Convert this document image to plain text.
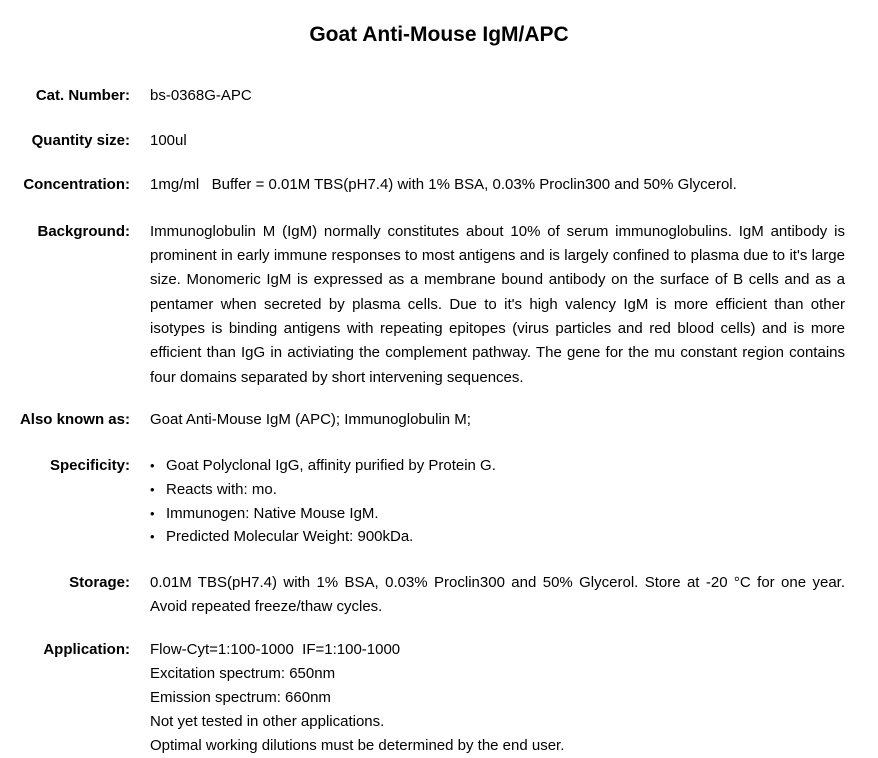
Goat Anti-Mouse IgM/APC
Cat. Number: bs-0368G-APC
Quantity size: 100ul
Concentration: 1mg/ml   Buffer = 0.01M TBS(pH7.4) with 1% BSA, 0.03% Proclin300 and 50% Glycerol.
Background: Immunoglobulin M (IgM) normally constitutes about 10% of serum immunoglobulins. IgM antibody is prominent in early immune responses to most antigens and is largely confined to plasma due to it's large size. Monomeric IgM is expressed as a membrane bound antibody on the surface of B cells and as a pentamer when secreted by plasma cells. Due to it's high valency IgM is more efficient than other isotypes is binding antigens with repeating epitopes (virus particles and red blood cells) and is more efficient than IgG in activiating the complement pathway. The gene for the mu constant region contains four domains separated by short intervening sequences.
Also known as: Goat Anti-Mouse IgM (APC); Immunoglobulin M;
Specificity: • Goat Polyclonal IgG, affinity purified by Protein G.
• Reacts with: mo.
• Immunogen: Native Mouse IgM.
• Predicted Molecular Weight: 900kDa.
Storage: 0.01M TBS(pH7.4) with 1% BSA, 0.03% Proclin300 and 50% Glycerol. Store at -20 °C for one year. Avoid repeated freeze/thaw cycles.
Application: Flow-Cyt=1:100-1000  IF=1:100-1000
Excitation spectrum: 650nm
Emission spectrum: 660nm
Not yet tested in other applications.
Optimal working dilutions must be determined by the end user.
